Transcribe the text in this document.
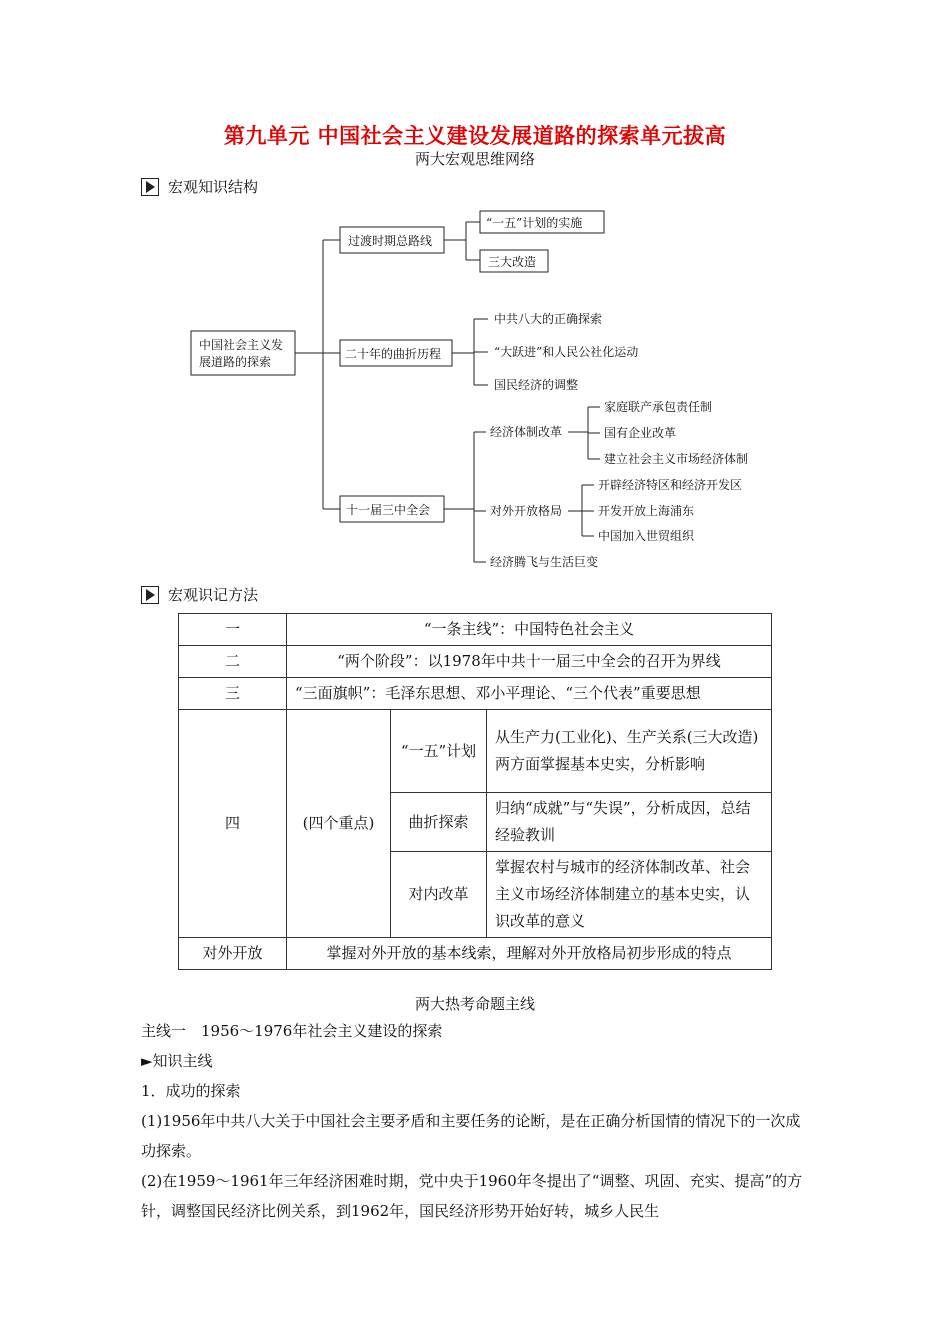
第九单元 中国社会主义建设发展道路的探索单元拔高
两大宏观思维网络
宏观知识结构
中国社会主义发
展道路的探索
过渡时期总路线
“一五”计划的实施
三大改造
二十年的曲折历程
中共八大的正确探索
“大跃进”和人民公社化运动
国民经济的调整
十一届三中全会
经济体制改革
家庭联产承包责任制
国有企业改革
建立社会主义市场经济体制
对外开放格局
开辟经济特区和经济开发区
开发开放上海浦东
中国加入世贸组织
经济腾飞与生活巨变
宏观识记方法
一	“一条主线”：中国特色社会主义		
二	“两个阶段”：以1978年中共十一届三中全会的召开为界线		
三	“三面旗帜”：毛泽东思想、邓小平理论、“三个代表”重要思想		
四	(四个重点)	“一五”计划	从生产力(工业化)、生产关系(三大改造)两方面掌握基本史实，分析影响
		曲折探索	归纳“成就”与“失误”，分析成因，总结经验教训
		对内改革	掌握农村与城市的经济体制改革、社会主义市场经济体制建立的基本史实，认识改革的意义
对外开放	掌握对外开放的基本线索，理解对外开放格局初步形成的特点		
两大热考命题主线

主线一　1956～1976年社会主义建设的探索

►知识主线

1．成功的探索

(1)1956年中共八大关于中国社会主要矛盾和主要任务的论断，是在正确分析国情的情况下的一次成功探索。

(2)在1959～1961年三年经济困难时期，党中央于1960年冬提出了“调整、巩固、充实、提高”的方针，调整国民经济比例关系，到1962年，国民经济形势开始好转，城乡人民生
